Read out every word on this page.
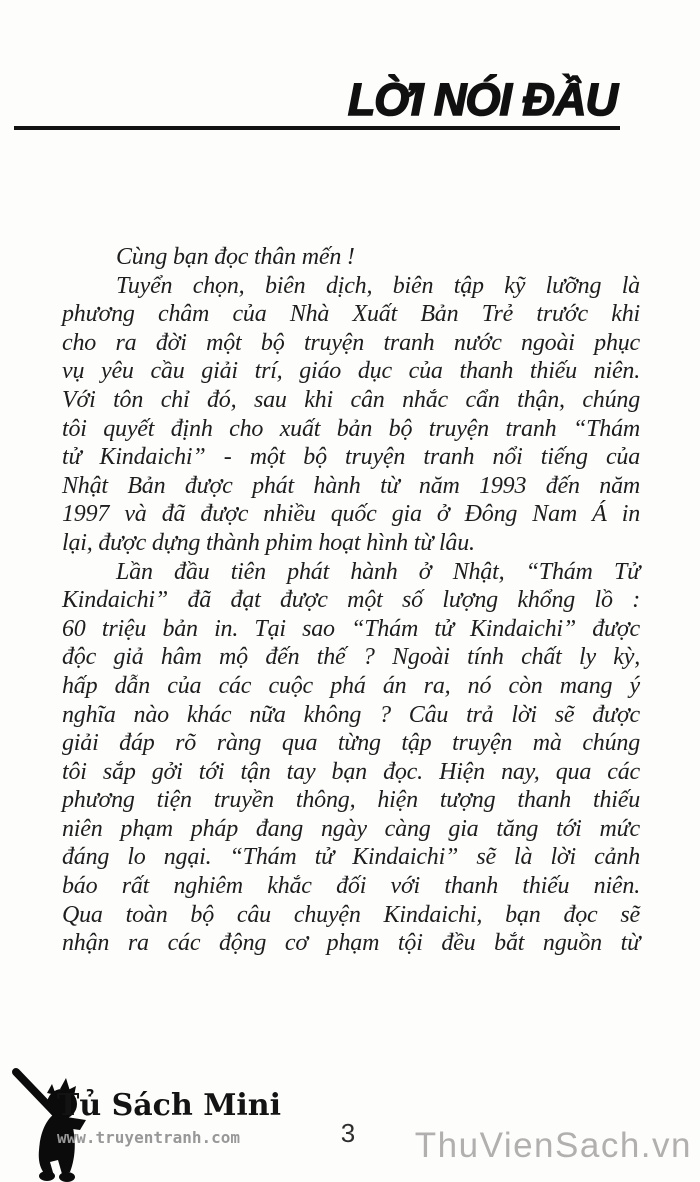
LỜI NÓI ĐẦU
Cùng bạn đọc thân mến !
Tuyển chọn, biên dịch, biên tập kỹ lưỡng là
phương châm của Nhà Xuất Bản Trẻ trước khi
cho ra đời một bộ truyện tranh nước ngoài phục
vụ yêu cầu giải trí, giáo dục của thanh thiếu niên.
Với tôn chỉ đó, sau khi cân nhắc cẩn thận, chúng
tôi quyết định cho xuất bản bộ truyện tranh “Thám
tử Kindaichi” - một bộ truyện tranh nổi tiếng của
Nhật Bản được phát hành từ năm 1993 đến năm
1997 và đã được nhiều quốc gia ở Đông Nam Á in
lại, được dựng thành phim hoạt hình từ lâu.
Lần đầu tiên phát hành ở Nhật, “Thám Tử
Kindaichi” đã đạt được một số lượng khổng lồ :
60 triệu bản in. Tại sao “Thám tử Kindaichi” được
độc giả hâm mộ đến thế ? Ngoài tính chất ly kỳ,
hấp dẫn của các cuộc phá án ra, nó còn mang ý
nghĩa nào khác nữa không ? Câu trả lời sẽ được
giải đáp rõ ràng qua từng tập truyện mà chúng
tôi sắp gởi tới tận tay bạn đọc. Hiện nay, qua các
phương tiện truyền thông, hiện tượng thanh thiếu
niên phạm pháp đang ngày càng gia tăng tới mức
đáng lo ngại. “Thám tử Kindaichi” sẽ là lời cảnh
báo rất nghiêm khắc đối với thanh thiếu niên.
Qua toàn bộ câu chuyện Kindaichi, bạn đọc sẽ
nhận ra các động cơ phạm tội đều bắt nguồn từ
Tủ Sách Mini
www.truyentranh.com	3	ThuVienSach.vn
